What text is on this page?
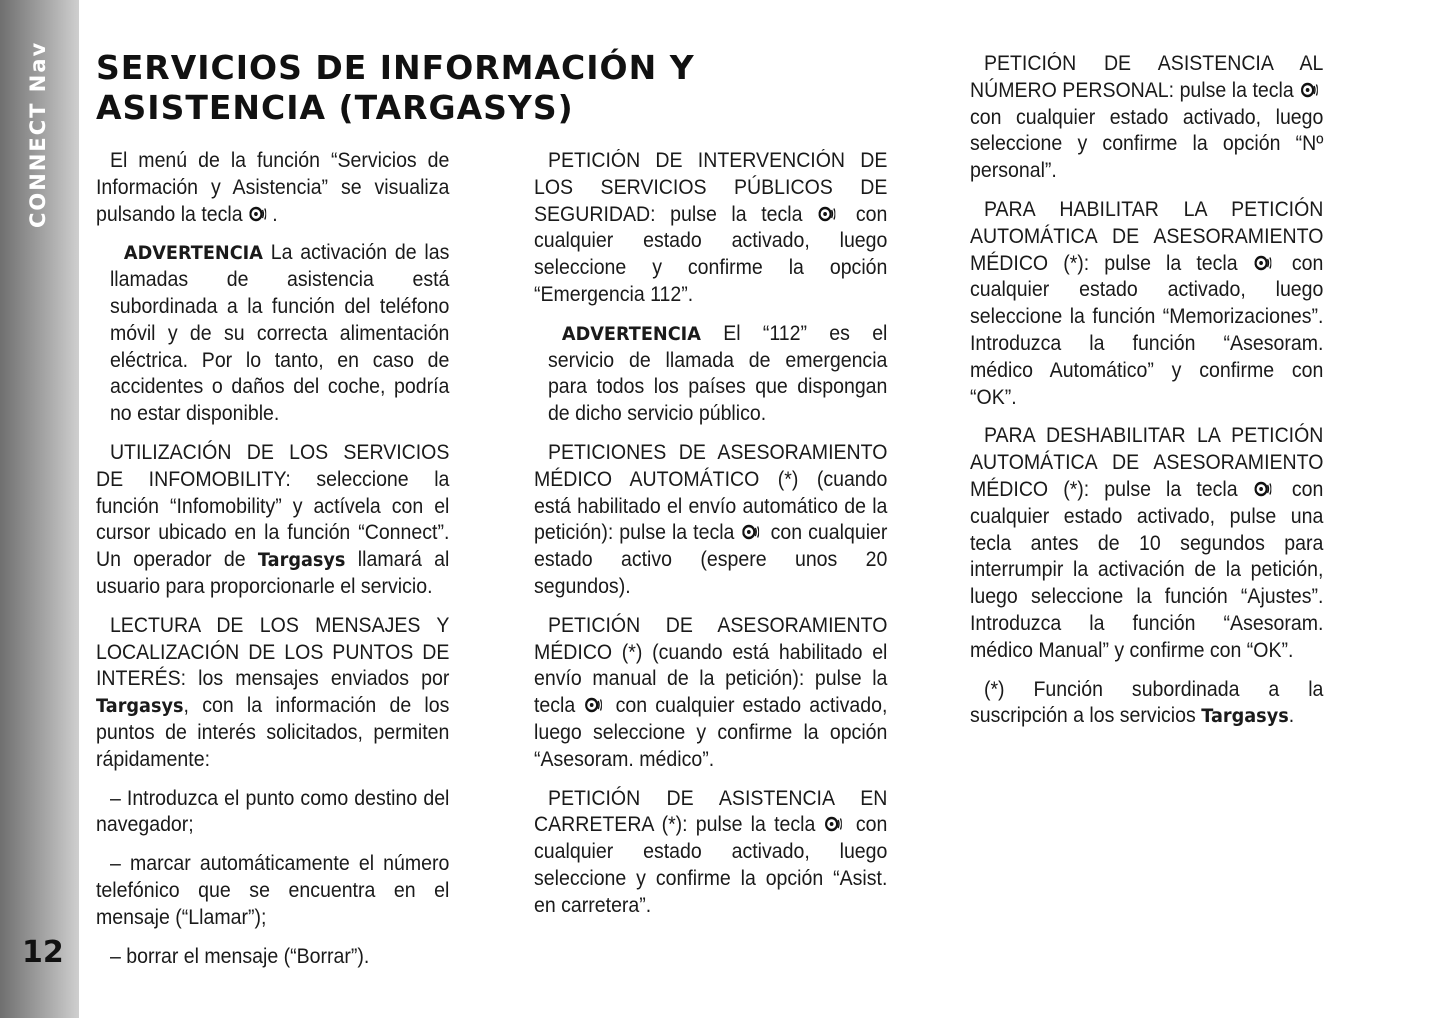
CONNECT Nav
12
SERVICIOS DE INFORMACIÓN Y ASISTENCIA (TARGASYS)

El menú de la función “Servicios de Información y Asistencia” se visualiza pulsando la tecla .

ADVERTENCIA La activación de las llamadas de asistencia está subordinada a la función del teléfono móvil y de su correcta alimentación eléctrica. Por lo tanto, en caso de accidentes o daños del coche, podría no estar disponible.

UTILIZACIÓN DE LOS SERVICIOS DE INFOMOBILITY: seleccione la función “Infomobility” y actívela con el cursor ubicado en la función “Connect”. Un operador de Targasys llamará al usuario para proporcionarle el servicio.

LECTURA DE LOS MENSAJES Y LOCALIZACIÓN DE LOS PUNTOS DE INTERÉS: los mensajes enviados por Targasys, con la información de los puntos de interés solicitados, permiten rápidamente:

– Introduzca el punto como destino del navegador;

– marcar automáticamente el número telefónico que se encuentra en el mensaje (“Llamar”);

– borrar el mensaje (“Borrar”).

PETICIÓN DE INTERVENCIÓN DE LOS SERVICIOS PÚBLICOS DE SEGURIDAD: pulse la tecla	con cualquier estado activado, luego seleccione y confirme la opción “Emergencia 112”.

ADVERTENCIA El “112” es el servicio de llamada de emergencia para todos los países que dispongan de dicho servicio público.

PETICIONES DE ASESORAMIENTO MÉDICO AUTOMÁTICO (*) (cuando está habilitado el envío automático de la petición): pulse la tecla con cualquier estado activo (espere unos 20 segundos).

PETICIÓN DE ASESORAMIENTO MÉDICO (*) (cuando está habilitado el envío manual de la petición): pulse la tecla con cualquier estado activado, luego seleccione y confirme la opción “Asesoram. médico”.

PETICIÓN DE ASISTENCIA EN CARRETERA (*): pulse la tecla con cualquier estado activado, luego seleccione y confirme la opción “Asist. en carretera”.

PETICIÓN DE ASISTENCIA AL NÚMERO PERSONAL: pulse la tecla
con cualquier estado activado, luego seleccione y confirme la opción “Nº personal”.

PARA HABILITAR LA PETICIÓN AUTOMÁTICA DE ASESORAMIENTO MÉDICO (*): pulse la tecla	con cualquier estado activado, luego seleccione la función “Memorizaciones”. Introduzca la función “Asesoram. médico Automático” y confirme con “OK”.

PARA DESHABILITAR LA PETICIÓN AUTOMÁTICA DE ASESORAMIENTO MÉDICO (*): pulse la tecla	con cualquier estado activado, pulse una tecla antes de 10 segundos para interrumpir la activación de la petición, luego seleccione la función “Ajustes”. Introduzca la función “Asesoram. médico Manual” y confirme con “OK”.

(*) Función subordinada a la suscripción a los servicios Targasys.
